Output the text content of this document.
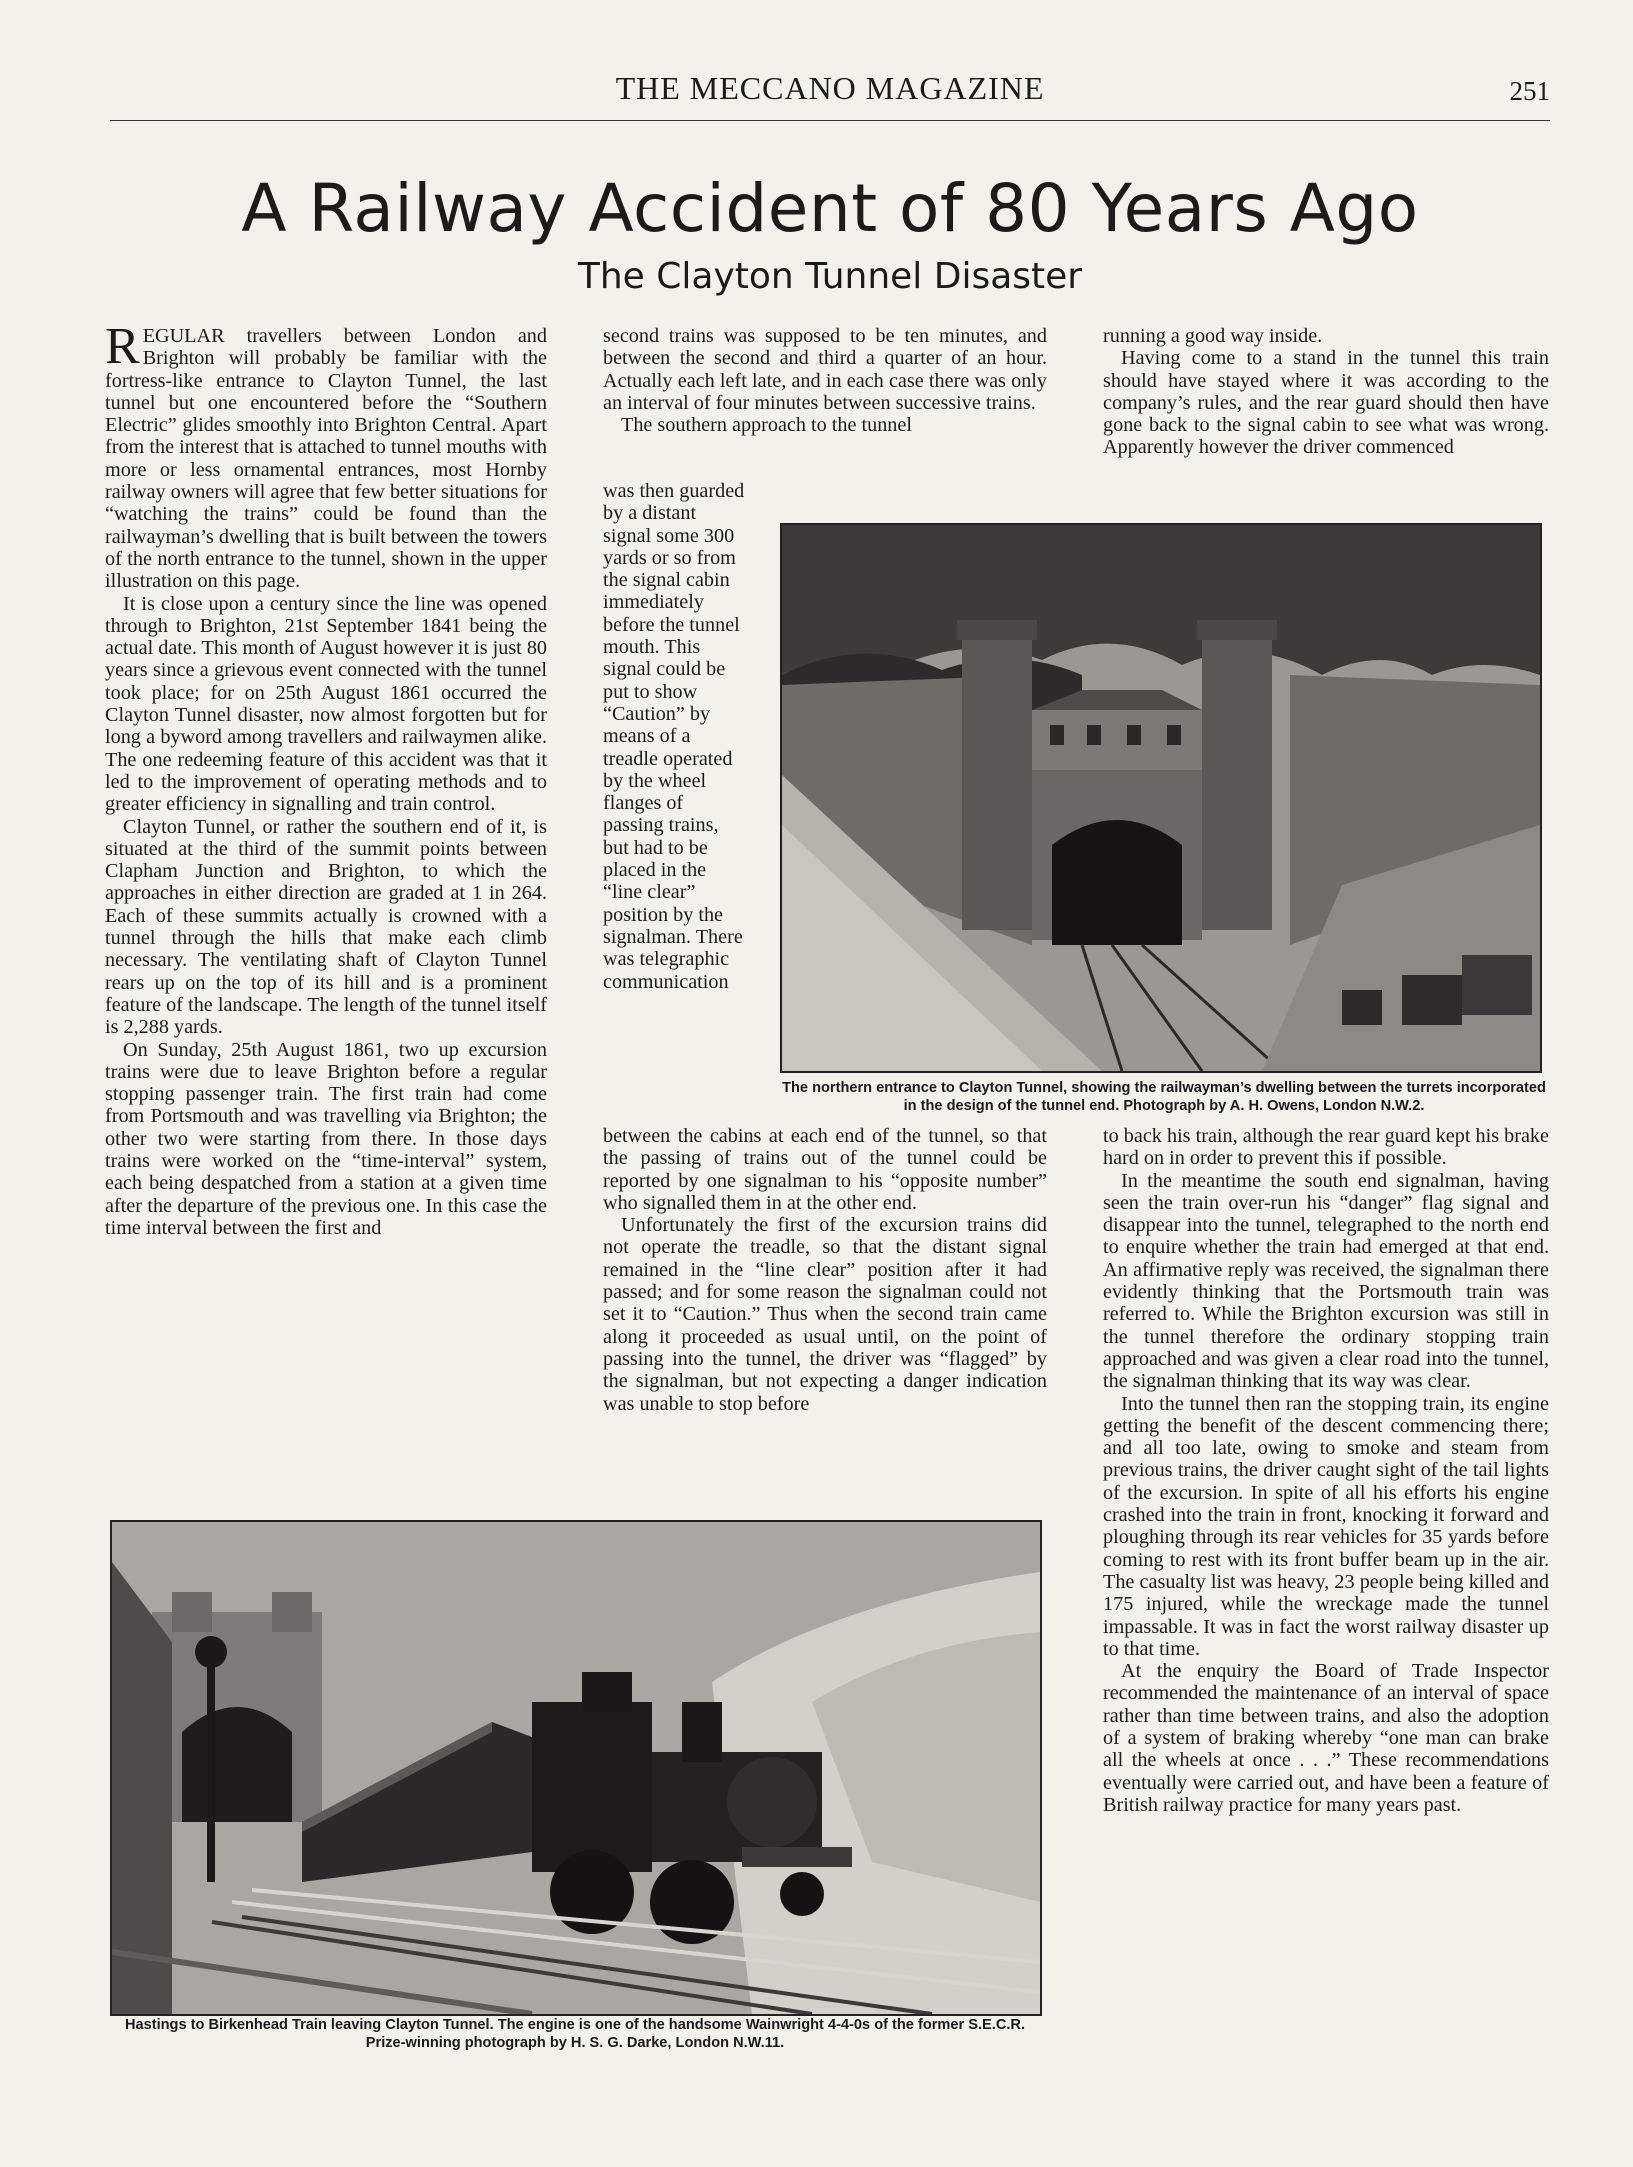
THE MECCANO MAGAZINE	251
A Railway Accident of 80 Years Ago
The Clayton Tunnel Disaster

REGULAR travellers between London and Brighton will probably be familiar with the fortress-like entrance to Clayton Tunnel, the last tunnel but one encountered before the “Southern Electric” glides smoothly into Brighton Central. Apart from the interest that is attached to tunnel mouths with more or less ornamental entrances, most Hornby railway owners will agree that few better situations for “watching the trains” could be found than the railwayman’s dwelling that is built between the towers of the north entrance to the tunnel, shown in the upper illustration on this page.

It is close upon a century since the line was opened through to Brighton, 21st September 1841 being the actual date. This month of August however it is just 80 years since a grievous event connected with the tunnel took place; for on 25th August 1861 occurred the Clayton Tunnel disaster, now almost forgotten but for long a byword among travellers and railwaymen alike. The one redeeming feature of this accident was that it led to the improvement of operating methods and to greater efficiency in signalling and train control.

Clayton Tunnel, or rather the southern end of it, is situated at the third of the summit points between Clapham Junction and Brighton, to which the approaches in either direction are graded at 1 in 264. Each of these summits actually is crowned with a tunnel through the hills that make each climb necessary. The ventilating shaft of Clayton Tunnel rears up on the top of its hill and is a prominent feature of the landscape. The length of the tunnel itself is 2,288 yards.

On Sunday, 25th August 1861, two up excursion trains were due to leave Brighton before a regular stopping passenger train. The first train had come from Portsmouth and was travelling via Brighton; the other two were starting from there. In those days trains were worked on the “time-interval” system, each being despatched from a station at a given time after the departure of the previous one. In this case the time interval between the first and

second trains was supposed to be ten minutes, and between the second and third a quarter of an hour. Actually each left late, and in each case there was only an interval of four minutes between successive trains.

The southern approach to the tunnel

was then guarded by a distant signal some 300 yards or so from the signal cabin immediately before the tunnel mouth. This signal could be put to show “Caution” by means of a treadle operated by the wheel flanges of passing trains, but had to be placed in the “line clear” position by the signalman. There was telegraphic communication

between the cabins at each end of the tunnel, so that the passing of trains out of the tunnel could be reported by one signalman to his “opposite number” who signalled them in at the other end.

Unfortunately the first of the excursion trains did not operate the treadle, so that the distant signal remained in the “line clear” position after it had passed; and for some reason the signalman could not set it to “Caution.” Thus when the second train came along it proceeded as usual until, on the point of passing into the tunnel, the driver was “flagged” by the signalman, but not expecting a danger indication was unable to stop before

running a good way inside.

Having come to a stand in the tunnel this train should have stayed where it was according to the company’s rules, and the rear guard should then have gone back to the signal cabin to see what was wrong. Apparently however the driver commenced

to back his train, although the rear guard kept his brake hard on in order to prevent this if possible.

In the meantime the south end signalman, having seen the train over-run his “danger” flag signal and disappear into the tunnel, telegraphed to the north end to enquire whether the train had emerged at that end. An affirmative reply was received, the signalman there evidently thinking that the Portsmouth train was referred to. While the Brighton excursion was still in the tunnel therefore the ordinary stopping train approached and was given a clear road into the tunnel, the signalman thinking that its way was clear.

Into the tunnel then ran the stopping train, its engine getting the benefit of the descent commencing there; and all too late, owing to smoke and steam from previous trains, the driver caught sight of the tail lights of the excursion. In spite of all his efforts his engine crashed into the train in front, knocking it forward and ploughing through its rear vehicles for 35 yards before coming to rest with its front buffer beam up in the air. The casualty list was heavy, 23 people being killed and 175 injured, while the wreckage made the tunnel impassable. It was in fact the worst railway disaster up to that time.

At the enquiry the Board of Trade Inspector recommended the maintenance of an interval of space rather than time between trains, and also the adoption of a system of braking whereby “one man can brake all the wheels at once . . .” These recommendations eventually were carried out, and have been a feature of British railway practice for many years past.

The northern entrance to Clayton Tunnel, showing the railwayman’s dwelling between the turrets incorporated in the design of the tunnel end. Photograph by A. H. Owens, London N.W.2.
Hastings to Birkenhead Train leaving Clayton Tunnel. The engine is one of the handsome Wainwright 4-4-0s of the former S.E.C.R. Prize-winning photograph by H. S. G. Darke, London N.W.11.
